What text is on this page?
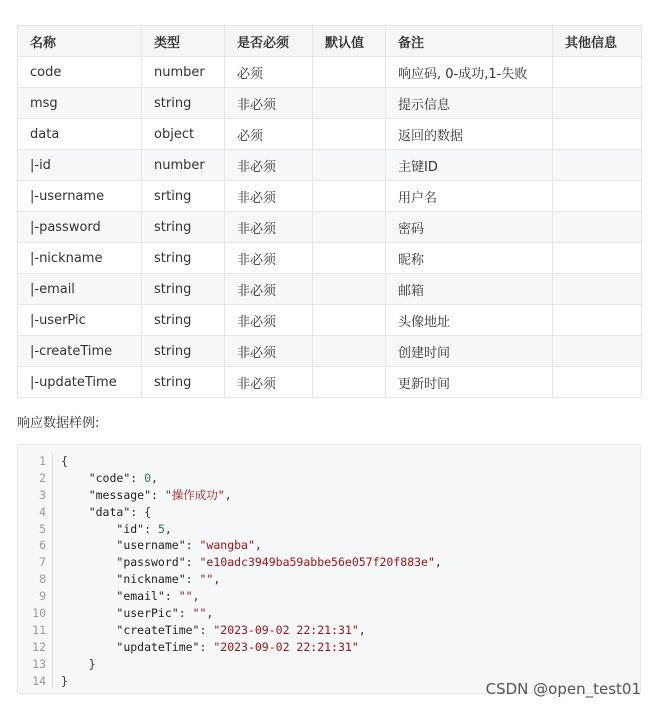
名称	类型	是否必须	默认值	备注	其他信息
code	number	必须		响应码, 0-成功,1-失败	
msg	string	非必须		提示信息	
data	object	必须		返回的数据	
|-id	number	非必须		主键ID	
|-username	srting	非必须		用户名	
|-password	string	非必须		密码	
|-nickname	string	非必须		昵称	
|-email	string	非必须		邮箱	
|-userPic	string	非必须		头像地址	
|-createTime	string	非必须		创建时间	
|-updateTime	string	非必须		更新时间	
响应数据样例:
1
2
3
4
5
6
7
8
9
10
11
12
13
14
{
"code": 0,
"message": "操作成功",
"data": {
"id": 5,
"username": "wangba",
"password": "e10adc3949ba59abbe56e057f20f883e",
"nickname": "",
"email": "",
"userPic": "",
"createTime": "2023-09-02 22:21:31",
"updateTime": "2023-09-02 22:21:31"
}
}	CSDN @open_test01
